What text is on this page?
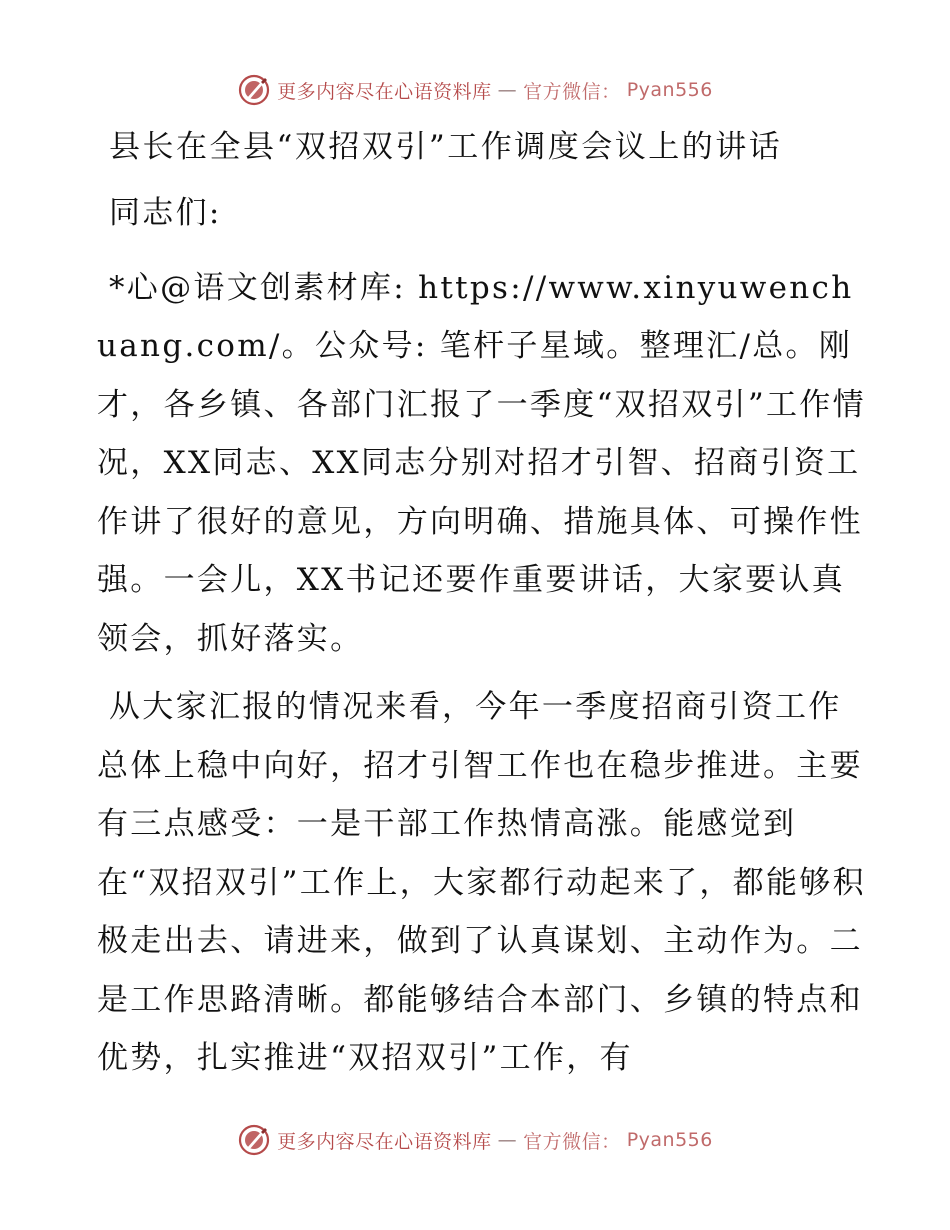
更多内容尽在心语资料库 — 官方微信： Pyan556
县长在全县“双招双引”工作调度会议上的讲话

同志们:

*心@语文创素材库: https://www.xinyuwenchuang.com/。公众号: 笔杆子星域。整理汇/总。刚才，各乡镇、各部门汇报了一季度“双招双引”工作情况，XX同志、XX同志分别对招才引智、招商引资工作讲了很好的意见，方向明确、措施具体、可操作性强。一会儿，XX书记还要作重要讲话，大家要认真领会，抓好落实。

从大家汇报的情况来看，今年一季度招商引资工作总体上稳中向好，招才引智工作也在稳步推进。主要有三点感受：一是干部工作热情高涨。能感觉到在“双招双引”工作上，大家都行动起来了，都能够积极走出去、请进来，做到了认真谋划、主动作为。二是工作思路清晰。都能够结合本部门、乡镇的特点和优势，扎实推进“双招双引”工作，有

更多内容尽在心语资料库 — 官方微信： Pyan556
